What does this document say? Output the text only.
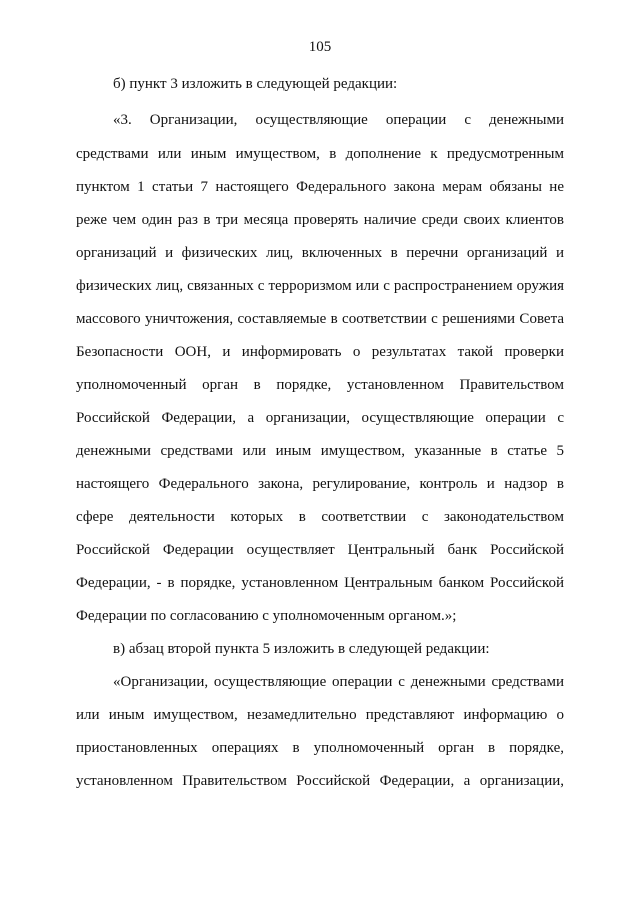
105
б) пункт 3 изложить в следующей редакции:
«3. Организации, осуществляющие операции с денежными
средствами или иным имуществом, в дополнение к предусмотренным
пунктом 1 статьи 7 настоящего Федерального закона мерам обязаны не
реже чем один раз в три месяца проверять наличие среди своих клиентов
организаций и физических лиц, включенных в перечни организаций и
физических лиц, связанных с терроризмом или с распространением оружия
массового уничтожения, составляемые в соответствии с решениями Совета
Безопасности ООН, и информировать о результатах такой проверки
уполномоченный орган в порядке, установленном Правительством
Российской Федерации, а организации, осуществляющие операции с
денежными средствами или иным имуществом, указанные в статье 5
настоящего Федерального закона, регулирование, контроль и надзор в
сфере деятельности которых в соответствии с законодательством
Российской Федерации осуществляет Центральный банк Российской
Федерации, - в порядке, установленном Центральным банком Российской
Федерации по согласованию с уполномоченным органом.»;
в) абзац второй пункта 5 изложить в следующей редакции:
«Организации, осуществляющие операции с денежными средствами
или иным имуществом, незамедлительно представляют информацию о
приостановленных операциях в уполномоченный орган в порядке,
установленном Правительством Российской Федерации, а организации,
